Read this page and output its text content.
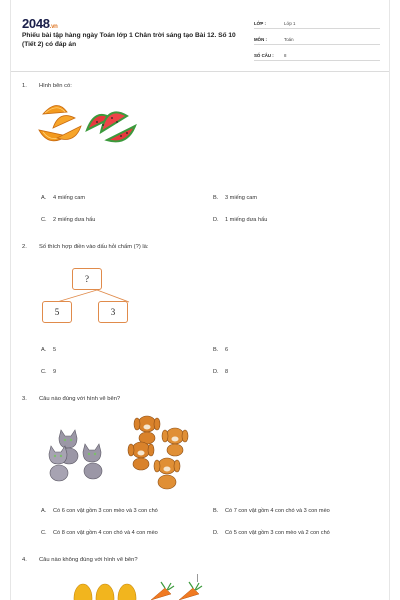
2048.vn
Phiếu bài tập hàng ngày Toán lớp 1 Chân trời sáng tạo Bài 12. Số 10 (Tiết 2) có đáp án
LỚP :	Lớp 1
MÔN :	Toán
SỐ CÂU :	8
1. Hình bên có:
A. 4 miếng cam	B. 3 miếng cam
C. 2 miếng dưa hấu	D. 1 miếng dưa hấu
2. Số thích hợp điền vào dấu hỏi chấm (?) là:
?
5	3
A. 5	B. 6
C. 9	D. 8
3. Câu nào đúng với hình vẽ bên?
A. Có 6 con vật gồm 3 con mèo và 3 con chó	B. Có 7 con vật gồm 4 con chó và 3 con mèo
C. Có 8 con vật gồm 4 con chó và 4 con mèo	D. Có 5 con vật gồm 3 con mèo và 2 con chó
4. Câu nào không đúng với hình vẽ bên?
